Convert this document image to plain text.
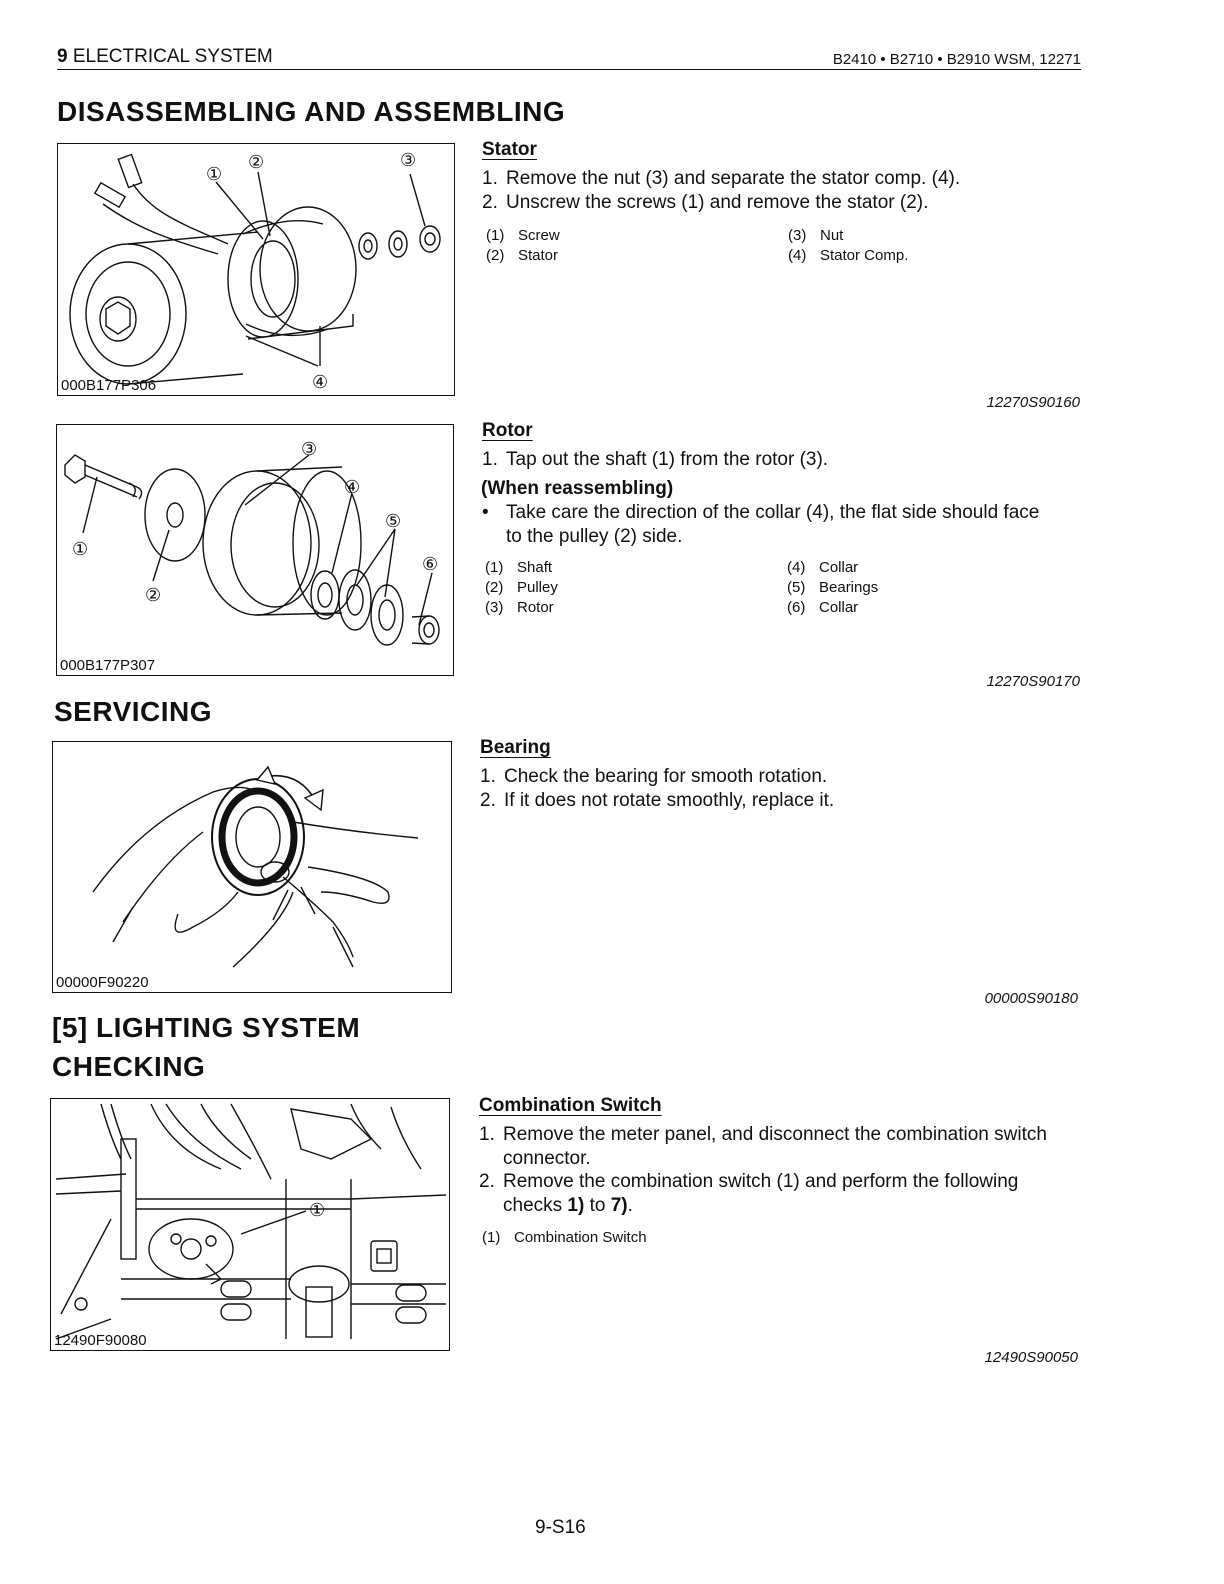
9 ELECTRICAL SYSTEM	B2410 • B2710 • B2910 WSM, 12271
DISASSEMBLING AND ASSEMBLING
①
②	③
④
000B177P306
Stator
1. Remove the nut (3) and separate the stator comp. (4).
2. Unscrew the screws (1) and remove the stator (2).
(1) Screw
(2) Stator
(3) Nut
(4) Stator Comp.
12270S90160
①
②
③
④
⑤
⑥
000B177P307
Rotor
1. Tap out the shaft (1) from the rotor (3).
(When reassembling)
• Take care the direction of the collar (4), the flat side should face
to the pulley (2) side.
(1) Shaft
(2) Pulley
(3) Rotor
(4) Collar
(5) Bearings
(6) Collar
12270S90170
SERVICING
00000F90220
Bearing
1. Check the bearing for smooth rotation.
2. If it does not rotate smoothly, replace it.
00000S90180
[5] LIGHTING SYSTEM
CHECKING
①
12490F90080
Combination Switch
1. Remove the meter panel, and disconnect the combination switch
connector.
2. Remove the combination switch (1) and perform the following
checks 1) to 7).
(1) Combination Switch
12490S90050
9-S16
